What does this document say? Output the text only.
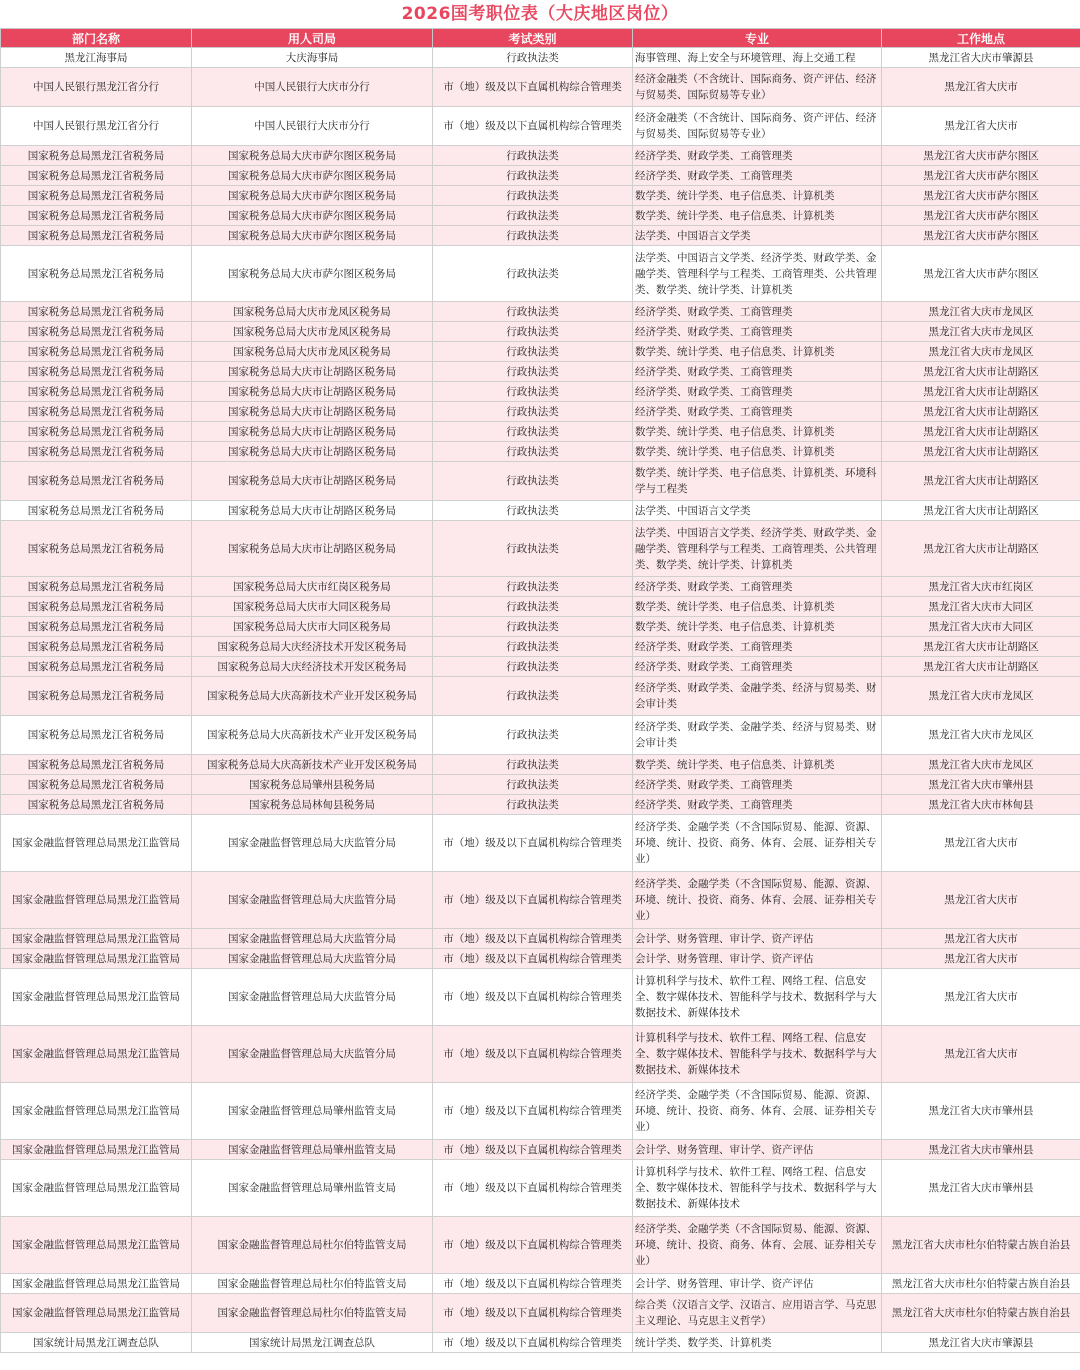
2026国考职位表（大庆地区岗位）
部门名称	用人司局	考试类别	专业	工作地点
黑龙江海事局	大庆海事局	行政执法类	海事管理、海上安全与环境管理、海上交通工程	黑龙江省大庆市肇源县
中国人民银行黑龙江省分行	中国人民银行大庆市分行	市（地）级及以下直属机构综合管理类	经济金融类（不含统计、国际商务、资产评估、经济与贸易类、国际贸易等专业）	黑龙江省大庆市
中国人民银行黑龙江省分行	中国人民银行大庆市分行	市（地）级及以下直属机构综合管理类	经济金融类（不含统计、国际商务、资产评估、经济与贸易类、国际贸易等专业）	黑龙江省大庆市
国家税务总局黑龙江省税务局	国家税务总局大庆市萨尔图区税务局	行政执法类	经济学类、财政学类、工商管理类	黑龙江省大庆市萨尔图区
国家税务总局黑龙江省税务局	国家税务总局大庆市萨尔图区税务局	行政执法类	经济学类、财政学类、工商管理类	黑龙江省大庆市萨尔图区
国家税务总局黑龙江省税务局	国家税务总局大庆市萨尔图区税务局	行政执法类	数学类、统计学类、电子信息类、计算机类	黑龙江省大庆市萨尔图区
国家税务总局黑龙江省税务局	国家税务总局大庆市萨尔图区税务局	行政执法类	数学类、统计学类、电子信息类、计算机类	黑龙江省大庆市萨尔图区
国家税务总局黑龙江省税务局	国家税务总局大庆市萨尔图区税务局	行政执法类	法学类、中国语言文学类	黑龙江省大庆市萨尔图区
国家税务总局黑龙江省税务局	国家税务总局大庆市萨尔图区税务局	行政执法类	法学类、中国语言文学类、经济学类、财政学类、金融学类、管理科学与工程类、工商管理类、公共管理类、数学类、统计学类、计算机类	黑龙江省大庆市萨尔图区
国家税务总局黑龙江省税务局	国家税务总局大庆市龙凤区税务局	行政执法类	经济学类、财政学类、工商管理类	黑龙江省大庆市龙凤区
国家税务总局黑龙江省税务局	国家税务总局大庆市龙凤区税务局	行政执法类	经济学类、财政学类、工商管理类	黑龙江省大庆市龙凤区
国家税务总局黑龙江省税务局	国家税务总局大庆市龙凤区税务局	行政执法类	数学类、统计学类、电子信息类、计算机类	黑龙江省大庆市龙凤区
国家税务总局黑龙江省税务局	国家税务总局大庆市让胡路区税务局	行政执法类	经济学类、财政学类、工商管理类	黑龙江省大庆市让胡路区
国家税务总局黑龙江省税务局	国家税务总局大庆市让胡路区税务局	行政执法类	经济学类、财政学类、工商管理类	黑龙江省大庆市让胡路区
国家税务总局黑龙江省税务局	国家税务总局大庆市让胡路区税务局	行政执法类	经济学类、财政学类、工商管理类	黑龙江省大庆市让胡路区
国家税务总局黑龙江省税务局	国家税务总局大庆市让胡路区税务局	行政执法类	数学类、统计学类、电子信息类、计算机类	黑龙江省大庆市让胡路区
国家税务总局黑龙江省税务局	国家税务总局大庆市让胡路区税务局	行政执法类	数学类、统计学类、电子信息类、计算机类	黑龙江省大庆市让胡路区
国家税务总局黑龙江省税务局	国家税务总局大庆市让胡路区税务局	行政执法类	数学类、统计学类、电子信息类、计算机类、环境科学与工程类	黑龙江省大庆市让胡路区
国家税务总局黑龙江省税务局	国家税务总局大庆市让胡路区税务局	行政执法类	法学类、中国语言文学类	黑龙江省大庆市让胡路区
国家税务总局黑龙江省税务局	国家税务总局大庆市让胡路区税务局	行政执法类	法学类、中国语言文学类、经济学类、财政学类、金融学类、管理科学与工程类、工商管理类、公共管理类、数学类、统计学类、计算机类	黑龙江省大庆市让胡路区
国家税务总局黑龙江省税务局	国家税务总局大庆市红岗区税务局	行政执法类	经济学类、财政学类、工商管理类	黑龙江省大庆市红岗区
国家税务总局黑龙江省税务局	国家税务总局大庆市大同区税务局	行政执法类	数学类、统计学类、电子信息类、计算机类	黑龙江省大庆市大同区
国家税务总局黑龙江省税务局	国家税务总局大庆市大同区税务局	行政执法类	数学类、统计学类、电子信息类、计算机类	黑龙江省大庆市大同区
国家税务总局黑龙江省税务局	国家税务总局大庆经济技术开发区税务局	行政执法类	经济学类、财政学类、工商管理类	黑龙江省大庆市让胡路区
国家税务总局黑龙江省税务局	国家税务总局大庆经济技术开发区税务局	行政执法类	经济学类、财政学类、工商管理类	黑龙江省大庆市让胡路区
国家税务总局黑龙江省税务局	国家税务总局大庆高新技术产业开发区税务局	行政执法类	经济学类、财政学类、金融学类、经济与贸易类、财会审计类	黑龙江省大庆市龙凤区
国家税务总局黑龙江省税务局	国家税务总局大庆高新技术产业开发区税务局	行政执法类	经济学类、财政学类、金融学类、经济与贸易类、财会审计类	黑龙江省大庆市龙凤区
国家税务总局黑龙江省税务局	国家税务总局大庆高新技术产业开发区税务局	行政执法类	数学类、统计学类、电子信息类、计算机类	黑龙江省大庆市龙凤区
国家税务总局黑龙江省税务局	国家税务总局肇州县税务局	行政执法类	经济学类、财政学类、工商管理类	黑龙江省大庆市肇州县
国家税务总局黑龙江省税务局	国家税务总局林甸县税务局	行政执法类	经济学类、财政学类、工商管理类	黑龙江省大庆市林甸县
国家金融监督管理总局黑龙江监管局	国家金融监督管理总局大庆监管分局	市（地）级及以下直属机构综合管理类	经济学类、金融学类（不含国际贸易、能源、资源、环境、统计、投资、商务、体育、会展、证券相关专业）	黑龙江省大庆市
国家金融监督管理总局黑龙江监管局	国家金融监督管理总局大庆监管分局	市（地）级及以下直属机构综合管理类	经济学类、金融学类（不含国际贸易、能源、资源、环境、统计、投资、商务、体育、会展、证券相关专业）	黑龙江省大庆市
国家金融监督管理总局黑龙江监管局	国家金融监督管理总局大庆监管分局	市（地）级及以下直属机构综合管理类	会计学、财务管理、审计学、资产评估	黑龙江省大庆市
国家金融监督管理总局黑龙江监管局	国家金融监督管理总局大庆监管分局	市（地）级及以下直属机构综合管理类	会计学、财务管理、审计学、资产评估	黑龙江省大庆市
国家金融监督管理总局黑龙江监管局	国家金融监督管理总局大庆监管分局	市（地）级及以下直属机构综合管理类	计算机科学与技术、软件工程、网络工程、信息安全、数字媒体技术、智能科学与技术、数据科学与大数据技术、新媒体技术	黑龙江省大庆市
国家金融监督管理总局黑龙江监管局	国家金融监督管理总局大庆监管分局	市（地）级及以下直属机构综合管理类	计算机科学与技术、软件工程、网络工程、信息安全、数字媒体技术、智能科学与技术、数据科学与大数据技术、新媒体技术	黑龙江省大庆市
国家金融监督管理总局黑龙江监管局	国家金融监督管理总局肇州监管支局	市（地）级及以下直属机构综合管理类	经济学类、金融学类（不含国际贸易、能源、资源、环境、统计、投资、商务、体育、会展、证券相关专业）	黑龙江省大庆市肇州县
国家金融监督管理总局黑龙江监管局	国家金融监督管理总局肇州监管支局	市（地）级及以下直属机构综合管理类	会计学、财务管理、审计学、资产评估	黑龙江省大庆市肇州县
国家金融监督管理总局黑龙江监管局	国家金融监督管理总局肇州监管支局	市（地）级及以下直属机构综合管理类	计算机科学与技术、软件工程、网络工程、信息安全、数字媒体技术、智能科学与技术、数据科学与大数据技术、新媒体技术	黑龙江省大庆市肇州县
国家金融监督管理总局黑龙江监管局	国家金融监督管理总局杜尔伯特监管支局	市（地）级及以下直属机构综合管理类	经济学类、金融学类（不含国际贸易、能源、资源、环境、统计、投资、商务、体育、会展、证券相关专业）	黑龙江省大庆市杜尔伯特蒙古族自治县
国家金融监督管理总局黑龙江监管局	国家金融监督管理总局杜尔伯特监管支局	市（地）级及以下直属机构综合管理类	会计学、财务管理、审计学、资产评估	黑龙江省大庆市杜尔伯特蒙古族自治县
国家金融监督管理总局黑龙江监管局	国家金融监督管理总局杜尔伯特监管支局	市（地）级及以下直属机构综合管理类	综合类（汉语言文学、汉语言、应用语言学、马克思主义理论、马克思主义哲学）	黑龙江省大庆市杜尔伯特蒙古族自治县
国家统计局黑龙江调查总队	国家统计局黑龙江调查总队	市（地）级及以下直属机构综合管理类	统计学类、数学类、计算机类	黑龙江省大庆市肇源县
